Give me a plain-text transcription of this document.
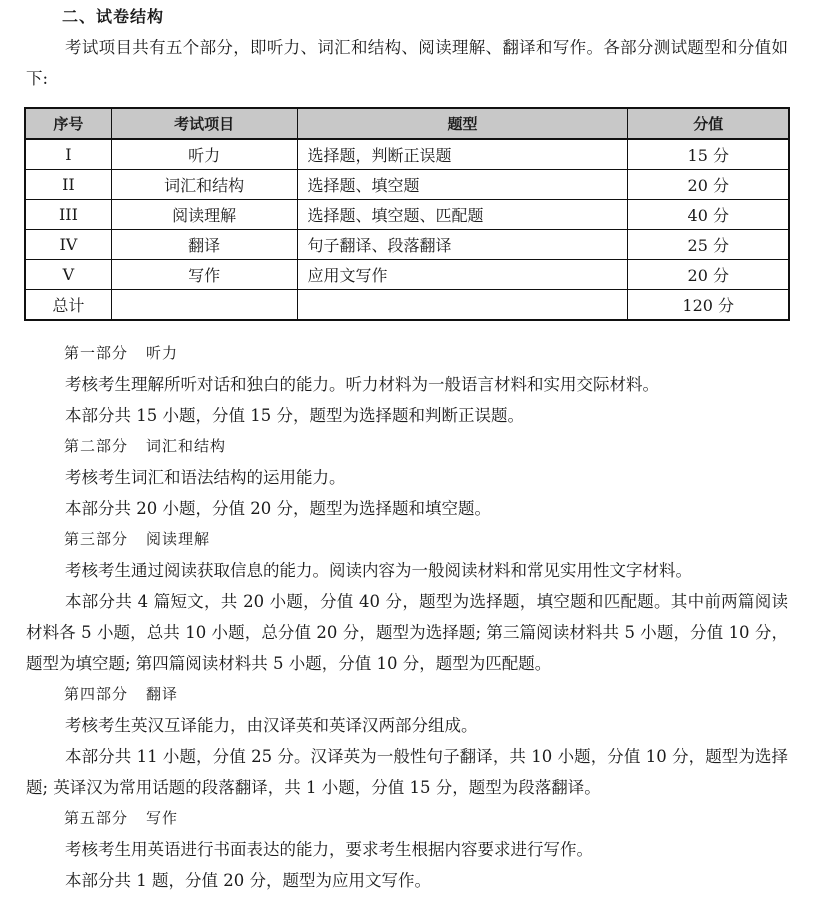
二、试卷结构

考试项目共有五个部分，即听力、词汇和结构、阅读理解、翻译和写作。各部分测试题型和分值如下:

序号	考试项目	题型	分值
I	听力	选择题，判断正误题	15 分
II	词汇和结构	选择题、填空题	20 分
III	阅读理解	选择题、填空题、匹配题	40 分
IV	翻译	句子翻译、段落翻译	25 分
V	写作	应用文写作	20 分
总计			120 分
第一部分 听力

考核考生理解所听对话和独白的能力。听力材料为一般语言材料和实用交际材料。

本部分共 15 小题，分值 15 分，题型为选择题和判断正误题。

第二部分 词汇和结构

考核考生词汇和语法结构的运用能力。

本部分共 20 小题，分值 20 分，题型为选择题和填空题。

第三部分 阅读理解

考核考生通过阅读获取信息的能力。阅读内容为一般阅读材料和常见实用性文字材料。

本部分共 4 篇短文，共 20 小题，分值 40 分，题型为选择题，填空题和匹配题。其中前两篇阅读材料各 5 小题，总共 10 小题，总分值 20 分，题型为选择题; 第三篇阅读材料共 5 小题，分值 10 分，题型为填空题; 第四篇阅读材料共 5 小题，分值 10 分，题型为匹配题。

第四部分 翻译

考核考生英汉互译能力，由汉译英和英译汉两部分组成。

本部分共 11 小题，分值 25 分。汉译英为一般性句子翻译，共 10 小题，分值 10 分，题型为选择题; 英译汉为常用话题的段落翻译，共 1 小题，分值 15 分，题型为段落翻译。

第五部分 写作

考核考生用英语进行书面表达的能力，要求考生根据内容要求进行写作。

本部分共 1 题，分值 20 分，题型为应用文写作。
